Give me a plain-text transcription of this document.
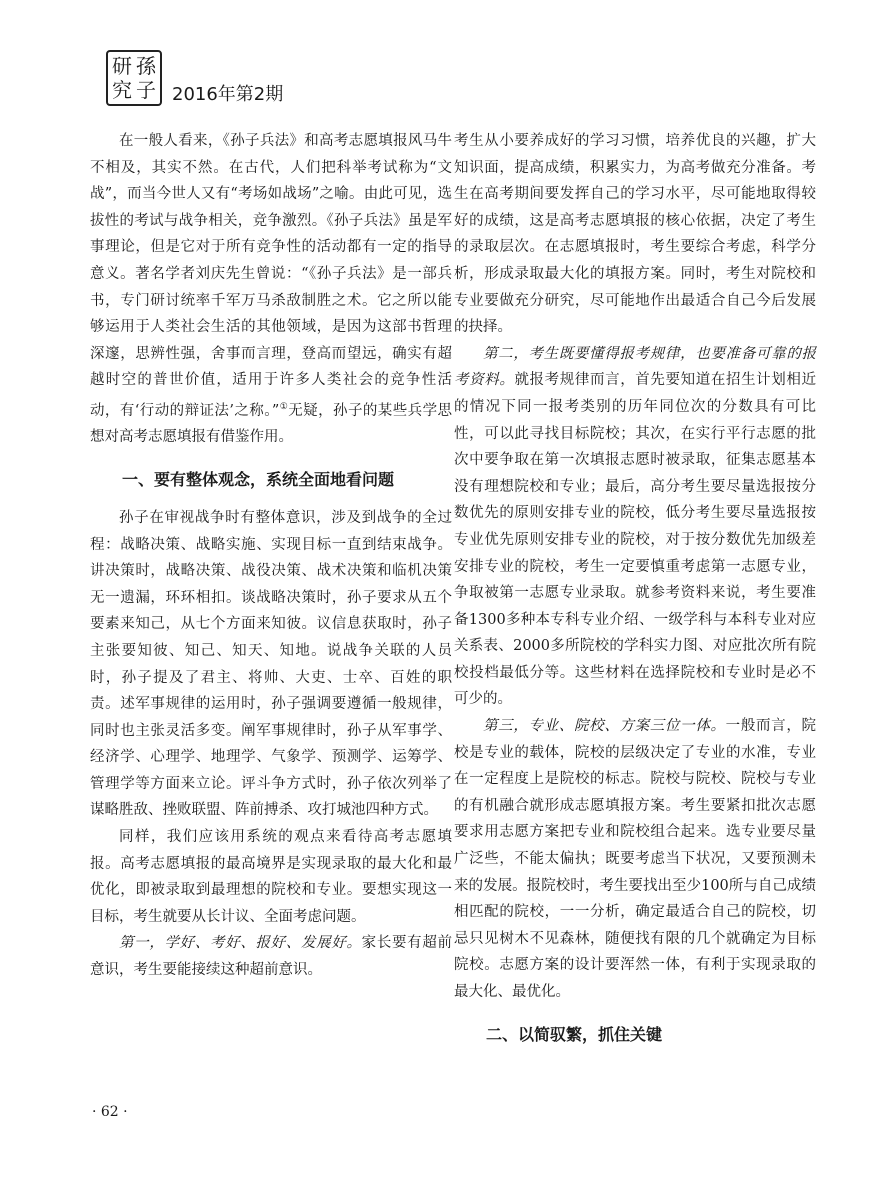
研 孫
究 子 2016年第2期

在一般人看来，《孙子兵法》和高考志愿填报风马牛不相及，其实不然。在古代，人们把科举考试称为“文战”，而当今世人又有“考场如战场”之喻。由此可见，选拔性的考试与战争相关，竞争激烈。《孙子兵法》虽是军事理论，但是它对于所有竞争性的活动都有一定的指导意义。著名学者刘庆先生曾说：“《孙子兵法》是一部兵书，专门研讨统率千军万马杀敌制胜之术。它之所以能够运用于人类社会生活的其他领域，是因为这部书哲理深邃，思辨性强，舍事而言理，登高而望远，确实有超越时空的普世价值，适用于许多人类社会的竞争性活动，有‘行动的辩证法’之称。”①无疑，孙子的某些兵学思想对高考志愿填报有借鉴作用。

一、要有整体观念，系统全面地看问题

孙子在审视战争时有整体意识，涉及到战争的全过程：战略决策、战略实施、实现目标一直到结束战争。讲决策时，战略决策、战役决策、战术决策和临机决策无一遗漏，环环相扣。谈战略决策时，孙子要求从五个要素来知己，从七个方面来知彼。议信息获取时，孙子主张要知彼、知己、知天、知地。说战争关联的人员时，孙子提及了君主、将帅、大吏、士卒、百姓的职责。述军事规律的运用时，孙子强调要遵循一般规律，同时也主张灵活多变。阐军事规律时，孙子从军事学、经济学、心理学、地理学、气象学、预测学、运筹学、管理学等方面来立论。评斗争方式时，孙子依次列举了谋略胜敌、挫败联盟、阵前搏杀、攻打城池四种方式。

同样，我们应该用系统的观点来看待高考志愿填报。高考志愿填报的最高境界是实现录取的最大化和最优化，即被录取到最理想的院校和专业。要想实现这一目标，考生就要从长计议、全面考虑问题。

第一，学好、考好、报好、发展好。家长要有超前意识，考生要能接续这种超前意识。

考生从小要养成好的学习习惯，培养优良的兴趣，扩大知识面，提高成绩，积累实力，为高考做充分准备。考生在高考期间要发挥自己的学习水平，尽可能地取得较好的成绩，这是高考志愿填报的核心依据，决定了考生的录取层次。在志愿填报时，考生要综合考虑，科学分析，形成录取最大化的填报方案。同时，考生对院校和专业要做充分研究，尽可能地作出最适合自己今后发展的抉择。

第二，考生既要懂得报考规律，也要准备可靠的报考资料。就报考规律而言，首先要知道在招生计划相近的情况下同一报考类别的历年同位次的分数具有可比性，可以此寻找目标院校；其次，在实行平行志愿的批次中要争取在第一次填报志愿时被录取，征集志愿基本没有理想院校和专业；最后，高分考生要尽量选报按分数优先的原则安排专业的院校，低分考生要尽量选报按专业优先原则安排专业的院校，对于按分数优先加级差安排专业的院校，考生一定要慎重考虑第一志愿专业，争取被第一志愿专业录取。就参考资料来说，考生要准备1300多种本专科专业介绍、一级学科与本科专业对应关系表、2000多所院校的学科实力图、对应批次所有院校投档最低分等。这些材料在选择院校和专业时是必不可少的。

第三，专业、院校、方案三位一体。一般而言，院校是专业的载体，院校的层级决定了专业的水准，专业在一定程度上是院校的标志。院校与院校、院校与专业的有机融合就形成志愿填报方案。考生要紧扣批次志愿要求用志愿方案把专业和院校组合起来。选专业要尽量广泛些，不能太偏执；既要考虑当下状况，又要预测未来的发展。报院校时，考生要找出至少100所与自己成绩相匹配的院校，一一分析，确定最适合自己的院校，切忌只见树木不见森林，随便找有限的几个就确定为目标院校。志愿方案的设计要浑然一体，有利于实现录取的最大化、最优化。

二、以简驭繁，抓住关键
· 62 ·
